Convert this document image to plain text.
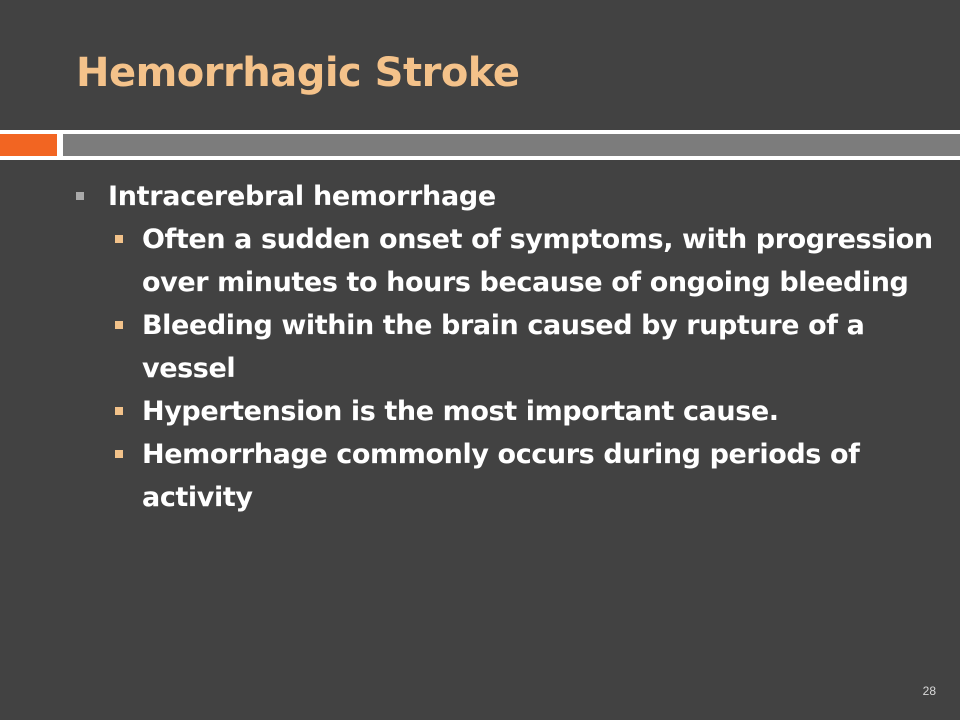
Hemorrhagic Stroke
Intracerebral hemorrhage
Often a sudden onset of symptoms, with progression over minutes to hours because of ongoing bleeding
Bleeding within the brain caused by rupture of a vessel
Hypertension is the most important cause.
Hemorrhage commonly occurs during periods of activity
28
